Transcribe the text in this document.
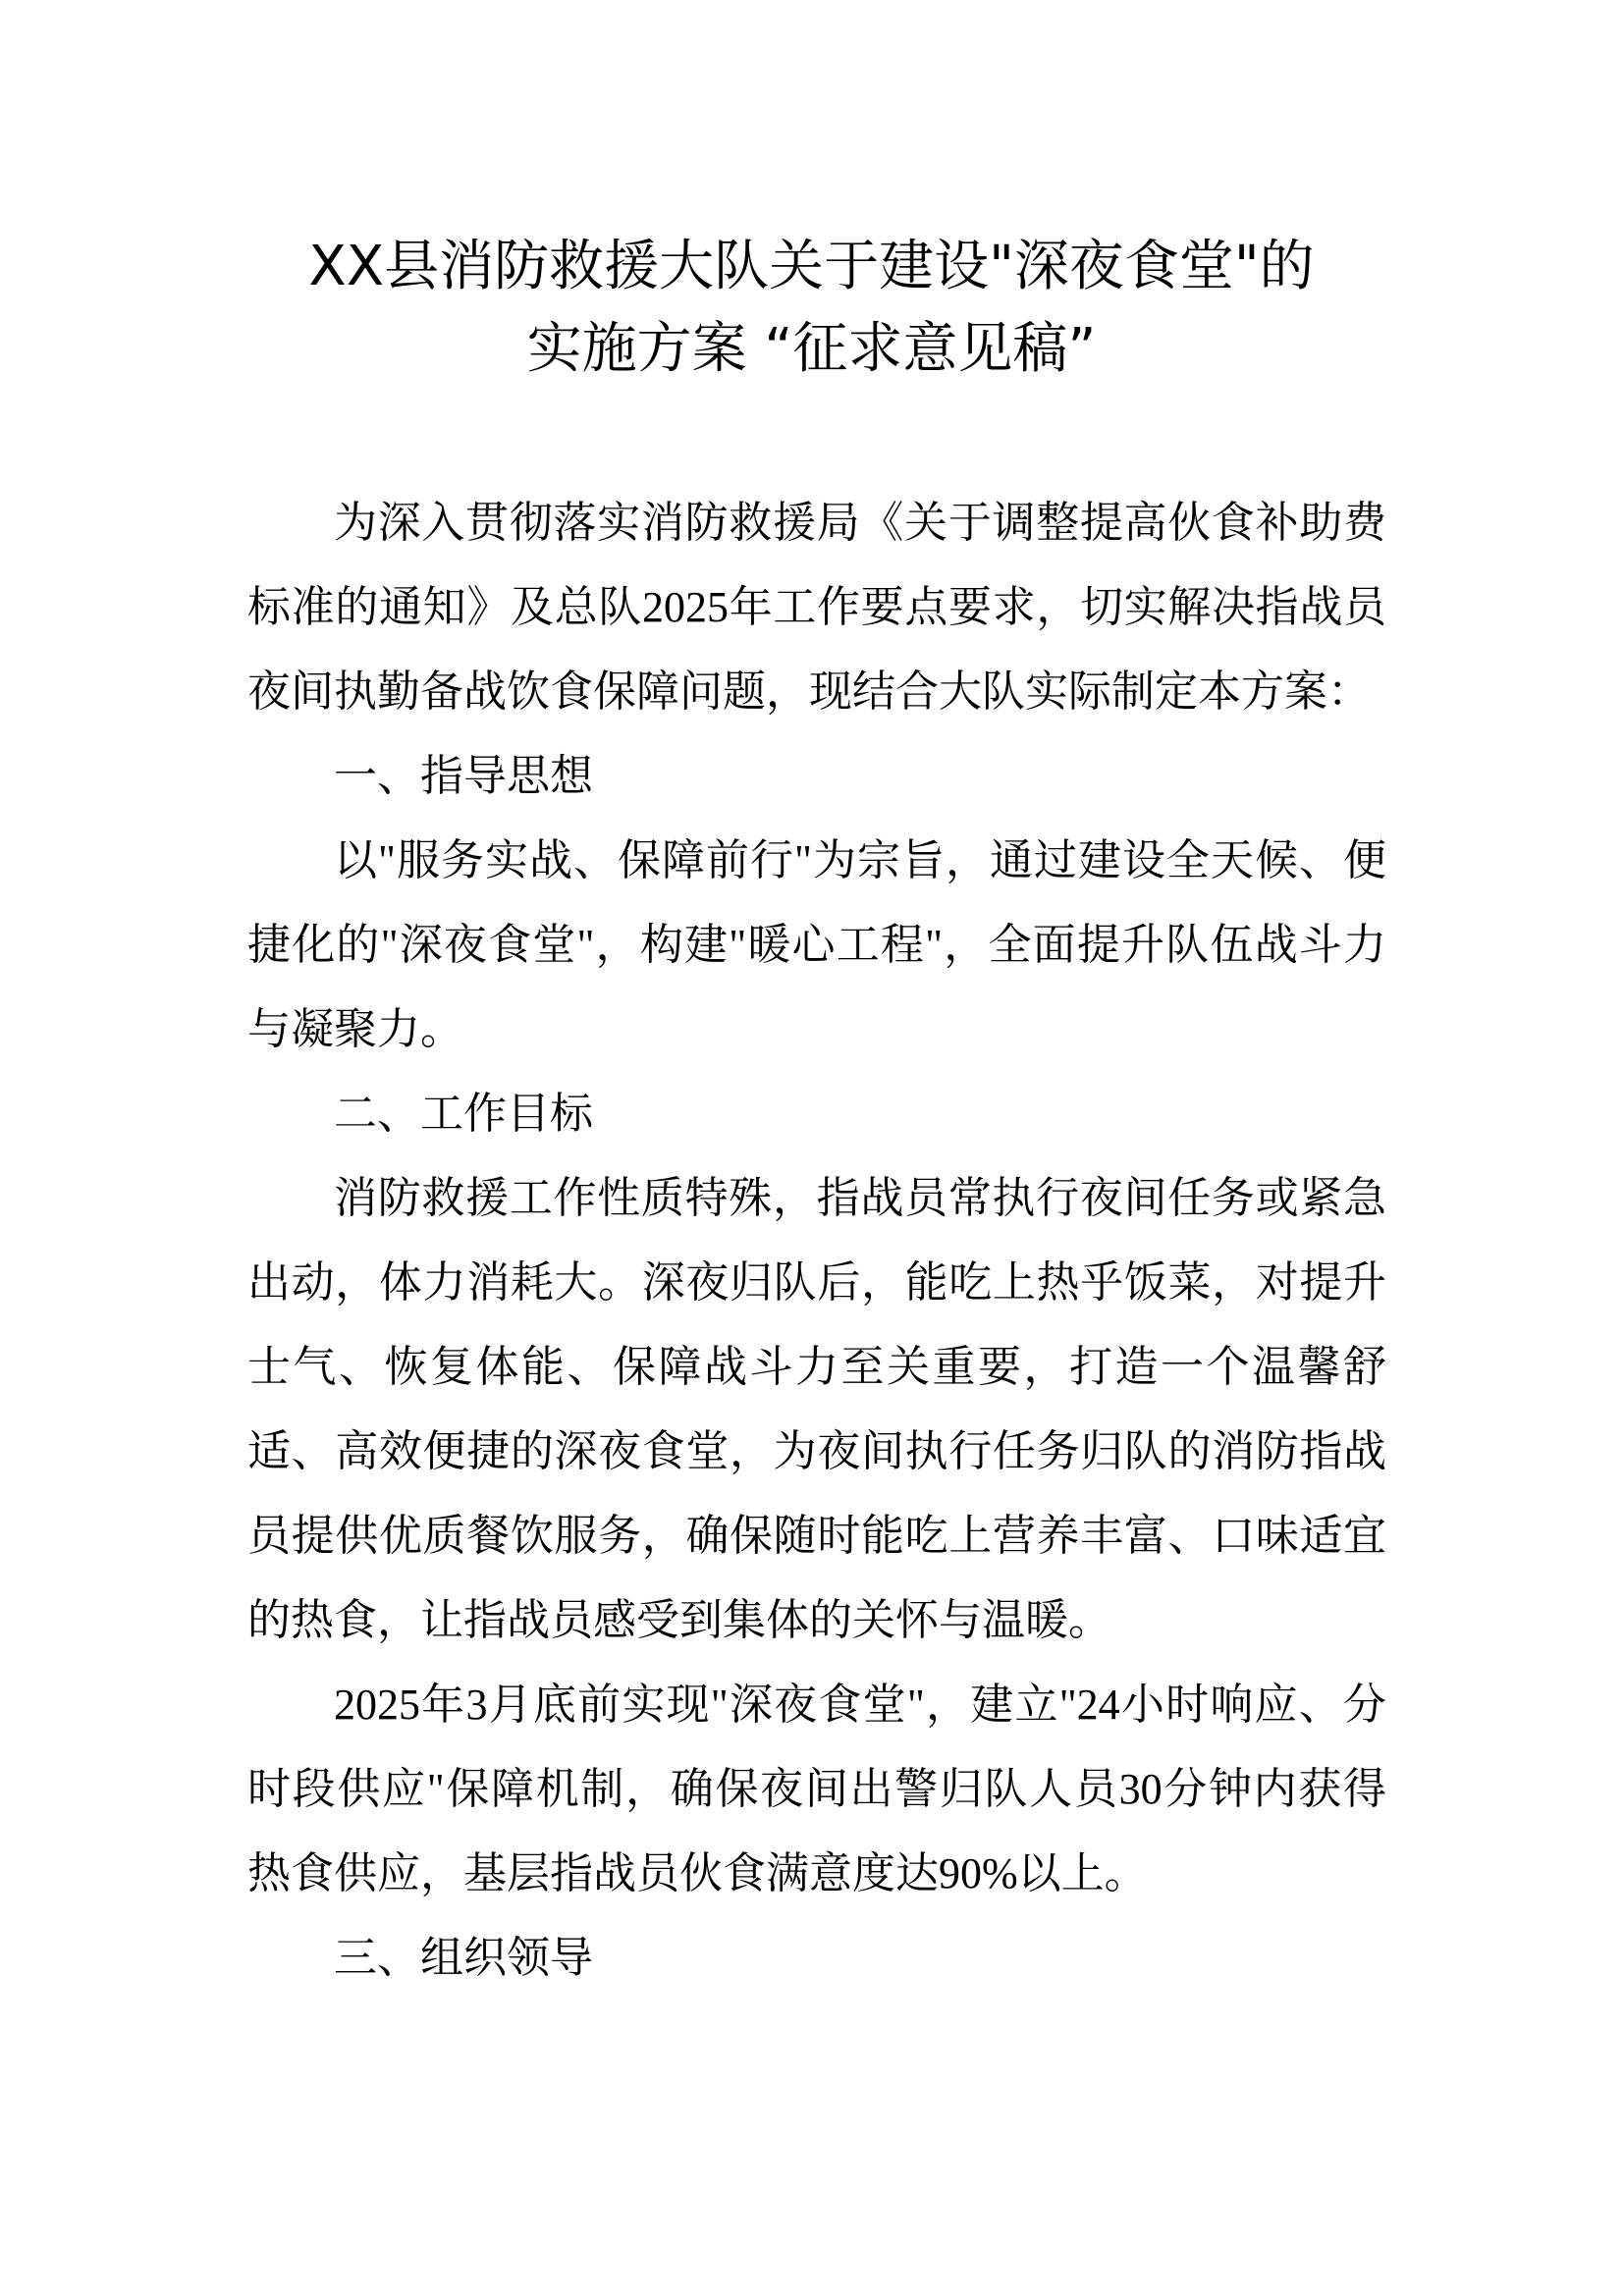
XX县消防救援大队关于建设"深夜食堂"的
实施方案 “征求意见稿”

为深入贯彻落实消防救援局《关于调整提高伙食补助费标准的通知》及总队2025年工作要点要求，切实解决指战员夜间执勤备战饮食保障问题，现结合大队实际制定本方案：

一、指导思想

以"服务实战、保障前行"为宗旨，通过建设全天候、便捷化的"深夜食堂"，构建"暖心工程"，全面提升队伍战斗力与凝聚力。

二、工作目标

消防救援工作性质特殊，指战员常执行夜间任务或紧急出动，体力消耗大。深夜归队后，能吃上热乎饭菜，对提升士气、恢复体能、保障战斗力至关重要，打造一个温馨舒适、高效便捷的深夜食堂，为夜间执行任务归队的消防指战员提供优质餐饮服务，确保随时能吃上营养丰富、口味适宜的热食，让指战员感受到集体的关怀与温暖。

2025年3月底前实现"深夜食堂"，建立"24小时响应、分时段供应"保障机制，确保夜间出警归队人员30分钟内获得热食供应，基层指战员伙食满意度达90%以上。

三、组织领导
